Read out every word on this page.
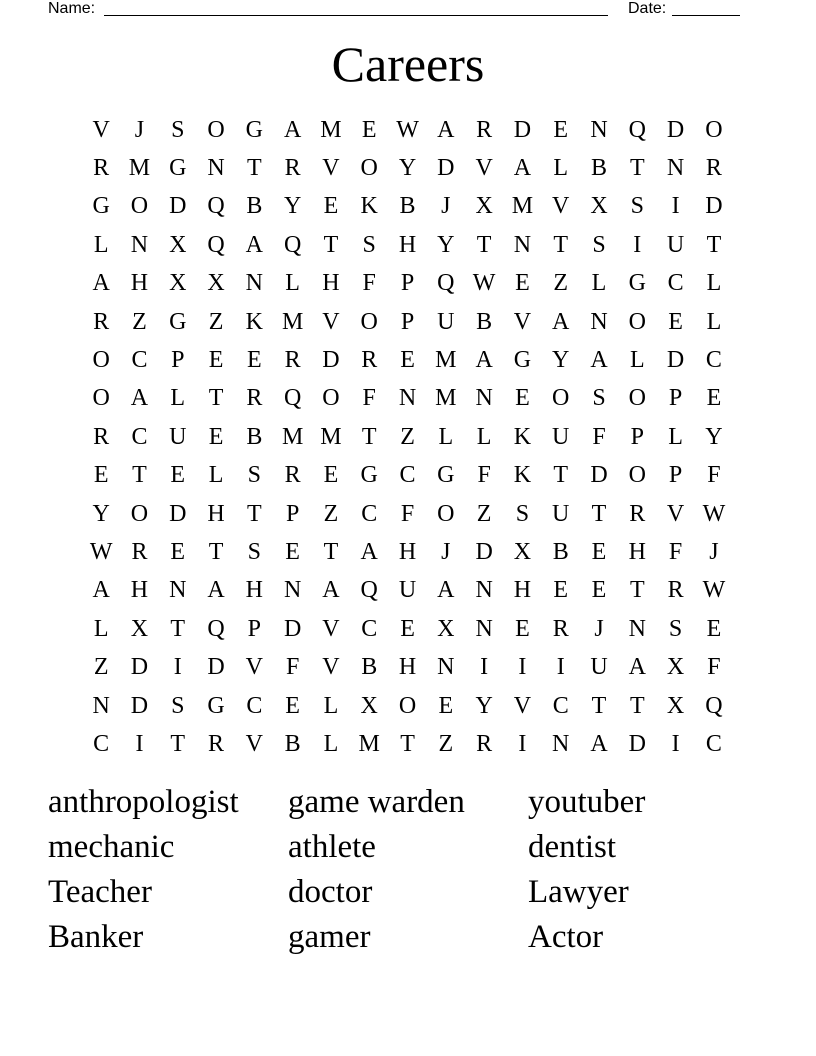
Name:	Date:
Careers
V	J	S O G A M E W A R D E N Q D O
R M G N T R V O Y D V A L B T N R
G O D Q B Y E K B	J	X M V X S	I	D
L N X Q A Q T	S H Y T N T	S	I	U T
A H X X N L H F	P Q W E Z L G C L
R Z G Z K M V O P U B V A N O E L
O C P	E E R D R E M A G Y A L D C
O A L T R Q O F N M N E O S O P	E
R C U E B M M T Z L L K U F	P	L Y
E T E L	S R E G C G F K T D O P	F
Y O D H T	P	Z C F O Z	S U T R V W
W R E T	S	E T A H	J	D X B E H F	J
A H N A H N A Q U A N H E E T R W
L X T Q P D V C E X N E R	J	N S	E
Z D	I	D V F V B H N	I	I	I	U A X F
N D S G C E L X O E Y V C T T X Q
C	I	T R V B L M T Z R	I	N A D	I	C
anthropologist	game warden	youtuber
mechanic	athlete	dentist
Teacher	doctor	Lawyer
Banker	gamer	Actor
